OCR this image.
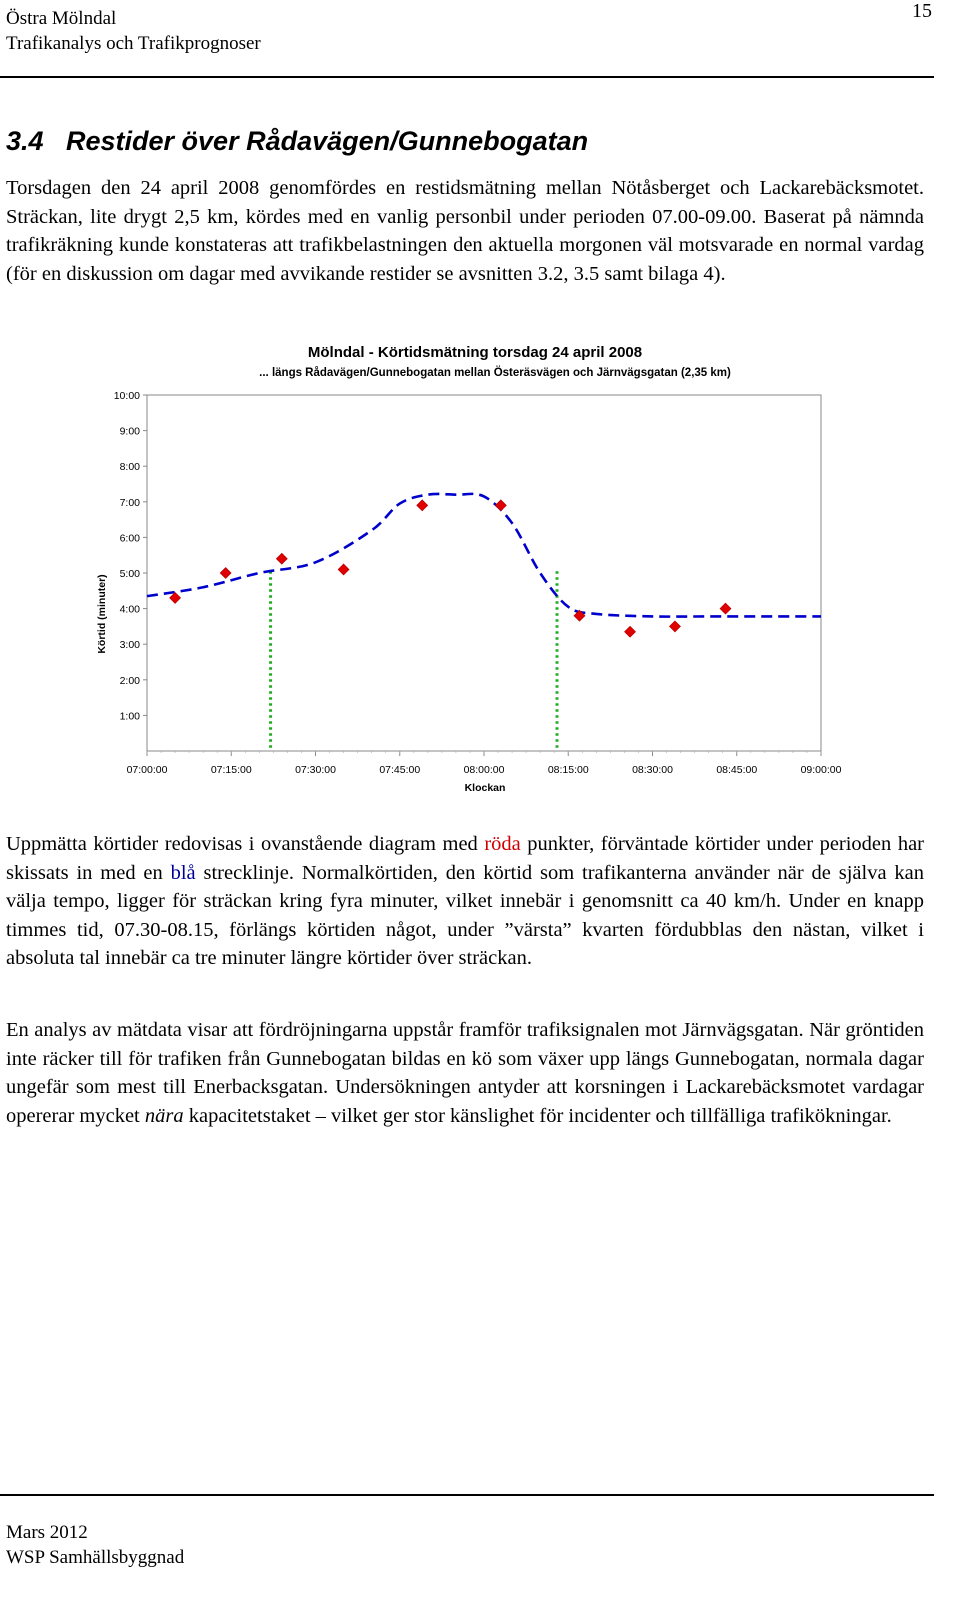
Östra Mölndal
Trafikanalys och Trafikprognoser
15
3.4 Restider över Rådavägen/Gunnebogatan

Torsdagen den 24 april 2008 genomfördes en restidsmätning mellan Nötåsberget och Lackarebäcksmotet. Sträckan, lite drygt 2,5 km, kördes med en vanlig personbil under perioden 07.00-09.00. Baserat på nämnda trafikräkning kunde konstateras att trafikbelastningen den aktuella morgonen väl motsvarade en normal vardag (för en diskussion om dagar med avvikande restider se avsnitten 3.2, 3.5 samt bilaga 4).

Mölndal - Körtidsmätning torsdag 24 april 2008
... längs Rådavägen/Gunnebogatan mellan Österäsvägen och Järnvägsgatan (2,35 km)
1:00
2:00
3:00
4:00
5:00
6:00
7:00
8:00
9:00
10:00
07:00:00	07:15:00	07:30:00	07:45:00	08:00:00	08:15:00	08:30:00	08:45:00	09:00:00
Klockan
Körtid (minuter)

Uppmätta körtider redovisas i ovanstående diagram med röda punkter, förväntade körtider under perioden har skissats in med en blå strecklinje. Normalkörtiden, den körtid som trafikanterna använder när de själva kan välja tempo, ligger för sträckan kring fyra minuter, vilket innebär i genomsnitt ca 40 km/h. Under en knapp timmes tid, 07.30-08.15, förlängs körtiden något, under ”värsta” kvarten fördubblas den nästan, vilket i absoluta tal innebär ca tre minuter längre körtider över sträckan.

En analys av mätdata visar att fördröjningarna uppstår framför trafiksignalen mot Järnvägsgatan. När gröntiden inte räcker till för trafiken från Gunnebogatan bildas en kö som växer upp längs Gunnebogatan, normala dagar ungefär som mest till Enerbacksgatan. Undersökningen antyder att korsningen i Lackarebäcksmotet vardagar opererar mycket nära kapacitetstaket – vilket ger stor känslighet för incidenter och tillfälliga trafikökningar.

Mars 2012
WSP Samhällsbyggnad
